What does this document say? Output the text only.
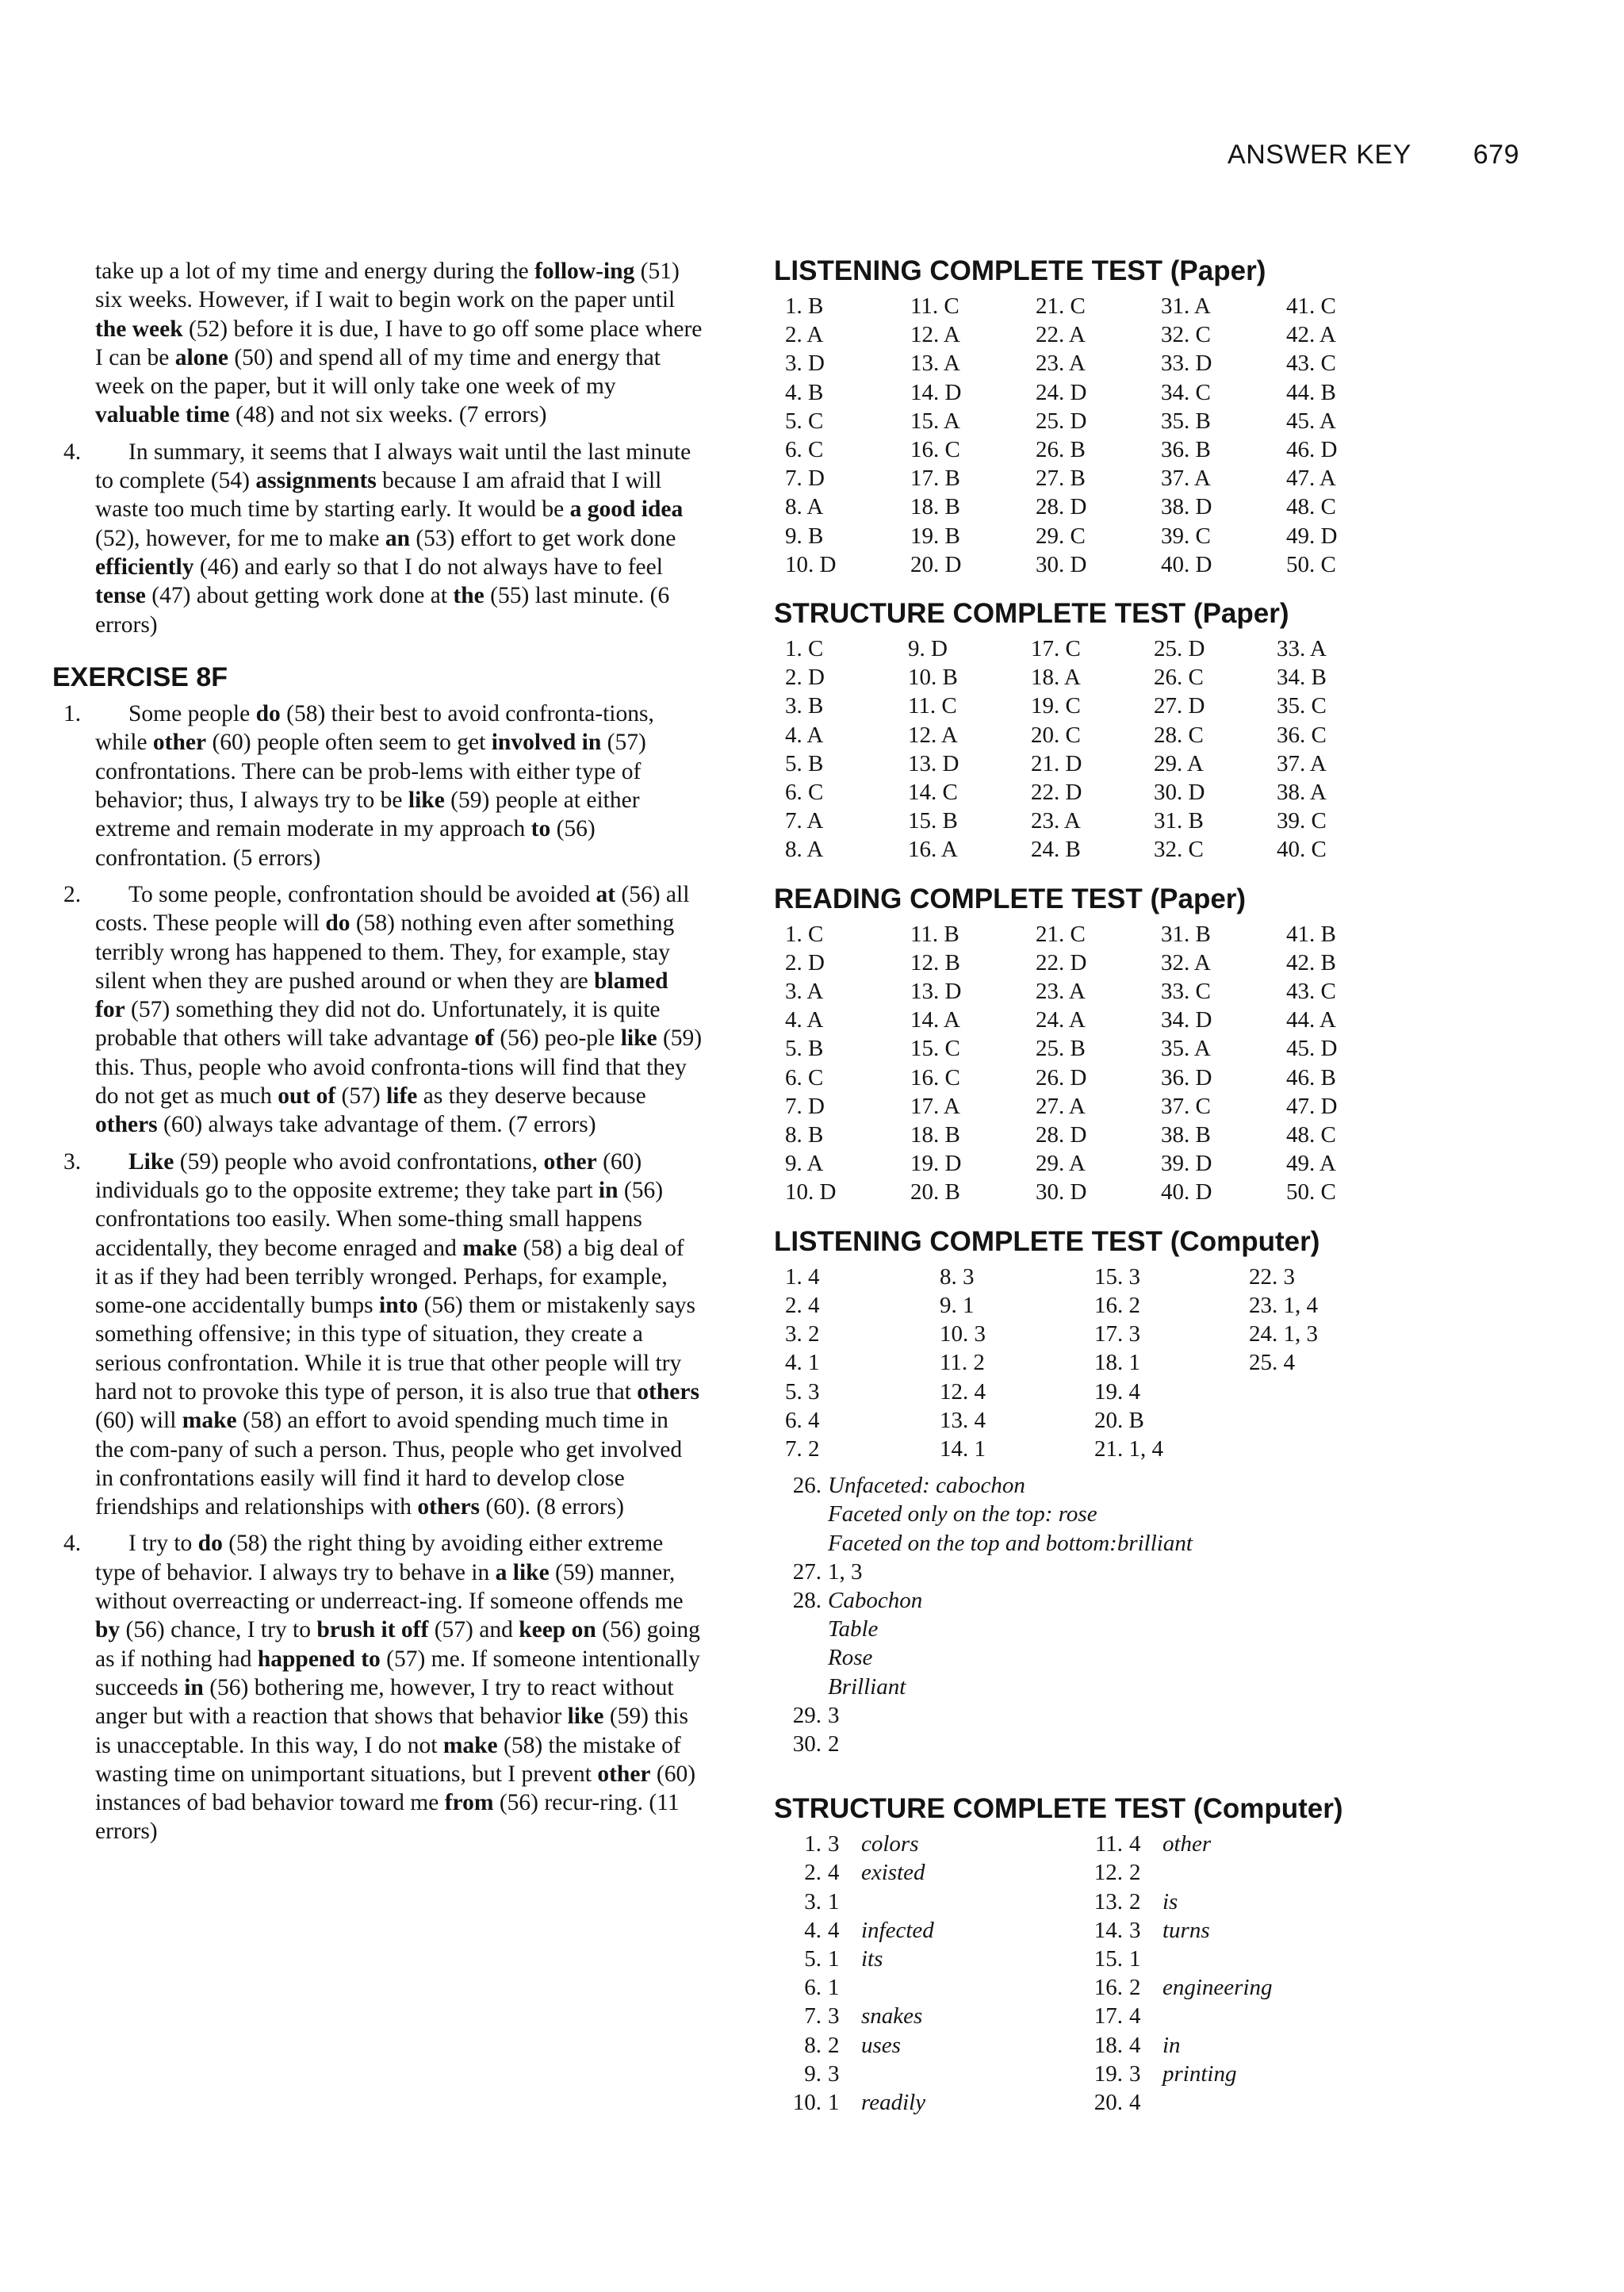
ANSWER KEY 679

take up a lot of my time and energy during the follow-ing (51) six weeks. However, if I wait to begin work on the paper until the week (52) before it is due, I have to go off some place where I can be alone (50) and spend all of my time and energy that week on the paper, but it will only take one week of my valuable time (48) and not six weeks. (7 errors)

4. In summary, it seems that I always wait until the last minute to complete (54) assignments because I am afraid that I will waste too much time by starting early. It would be a good idea (52), however, for me to make an (53) effort to get work done efficiently (46) and early so that I do not always have to feel tense (47) about getting work done at the (55) last minute. (6 errors)

EXERCISE 8F

1. Some people do (58) their best to avoid confronta-tions, while other (60) people often seem to get involved in (57) confrontations. There can be prob-lems with either type of behavior; thus, I always try to be like (59) people at either extreme and remain moderate in my approach to (56) confrontation. (5 errors)

2. To some people, confrontation should be avoided at (56) all costs. These people will do (58) nothing even after something terribly wrong has happened to them. They, for example, stay silent when they are pushed around or when they are blamed for (57) something they did not do. Unfortunately, it is quite probable that others will take advantage of (56) peo-ple like (59) this. Thus, people who avoid confronta-tions will find that they do not get as much out of (57) life as they deserve because others (60) always take advantage of them. (7 errors)

3. Like (59) people who avoid confrontations, other (60) individuals go to the opposite extreme; they take part in (56) confrontations too easily. When some-thing small happens accidentally, they become enraged and make (58) a big deal of it as if they had been terribly wronged. Perhaps, for example, some-one accidentally bumps into (56) them or mistakenly says something offensive; in this type of situation, they create a serious confrontation. While it is true that other people will try hard not to provoke this type of person, it is also true that others (60) will make (58) an effort to avoid spending much time in the com-pany of such a person. Thus, people who get involved in confrontations easily will find it hard to develop close friendships and relationships with others (60). (8 errors)

4. I try to do (58) the right thing by avoiding either extreme type of behavior. I always try to behave in a like (59) manner, without overreacting or underreact-ing. If someone offends me by (56) chance, I try to brush it off (57) and keep on (56) going as if nothing had happened to (57) me. If someone intentionally succeeds in (56) bothering me, however, I try to react without anger but with a reaction that shows that behavior like (59) this is unacceptable. In this way, I do not make (58) the mistake of wasting time on unimportant situations, but I prevent other (60) instances of bad behavior toward me from (56) recur-ring. (11 errors)

LISTENING COMPLETE TEST (Paper)
1. B	11. C	21. C	31. A	41. C
2. A	12. A	22. A	32. C	42. A
3. D	13. A	23. A	33. D	43. C
4. B	14. D	24. D	34. C	44. B
5. C	15. A	25. D	35. B	45. A
6. C	16. C	26. B	36. B	46. D
7. D	17. B	27. B	37. A	47. A
8. A	18. B	28. D	38. D	48. C
9. B	19. B	29. C	39. C	49. D
10. D	20. D	30. D	40. D	50. C
STRUCTURE COMPLETE TEST (Paper)
1. C	9. D	17. C	25. D	33. A
2. D	10. B	18. A	26. C	34. B
3. B	11. C	19. C	27. D	35. C
4. A	12. A	20. C	28. C	36. C
5. B	13. D	21. D	29. A	37. A
6. C	14. C	22. D	30. D	38. A
7. A	15. B	23. A	31. B	39. C
8. A	16. A	24. B	32. C	40. C
READING COMPLETE TEST (Paper)
1. C	11. B	21. C	31. B	41. B
2. D	12. B	22. D	32. A	42. B
3. A	13. D	23. A	33. C	43. C
4. A	14. A	24. A	34. D	44. A
5. B	15. C	25. B	35. A	45. D
6. C	16. C	26. D	36. D	46. B
7. D	17. A	27. A	37. C	47. D
8. B	18. B	28. D	38. B	48. C
9. A	19. D	29. A	39. D	49. A
10. D	20. B	30. D	40. D	50. C
LISTENING COMPLETE TEST (Computer)
1. 4	8. 3	15. 3	22. 3
2. 4	9. 1	16. 2	23. 1, 4
3. 2	10. 3	17. 3	24. 1, 3
4. 1	11. 2	18. 1	25. 4
5. 3	12. 4	19. 4
6. 4	13. 4	20. B
7. 2	14. 1	21. 1, 4
26. Unfaceted: cabochon
Faceted only on the top: rose
Faceted on the top and bottom:brilliant
27. 1, 3
28. Cabochon
Table
Rose
Brilliant
29. 3
30. 2
STRUCTURE COMPLETE TEST (Computer)
1. 3 colors	11. 4 other
2. 4 existed	12. 2
3. 1	13. 2 is
4. 4 infected	14. 3 turns
5. 1 its	15. 1
6. 1	16. 2 engineering
7. 3 snakes	17. 4
8. 2 uses	18. 4 in
9. 3	19. 3 printing
10. 1 readily	20. 4
